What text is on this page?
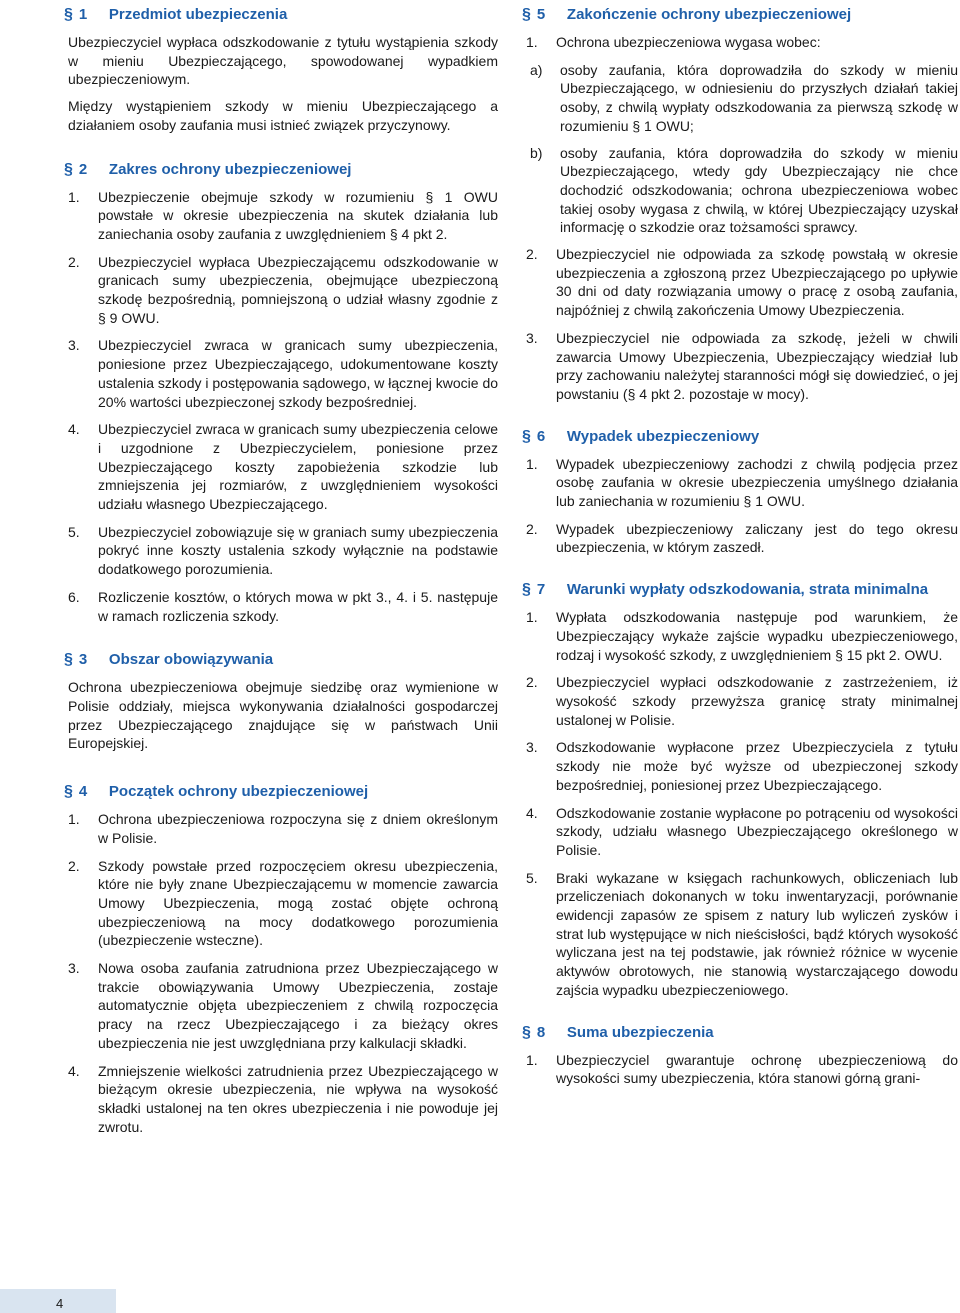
§ 1	Przedmiot ubezpieczenia
Ubezpieczyciel wypłaca odszkodowanie z tytułu wystąpienia szkody w mieniu Ubezpieczającego, spowodowanej wypadkiem ubezpieczeniowym.
Między wystąpieniem szkody w mieniu Ubezpieczającego a działaniem osoby zaufania musi istnieć związek przyczynowy.
§ 2	Zakres ochrony ubezpieczeniowej
1.	Ubezpieczenie obejmuje szkody w rozumieniu § 1 OWU powstałe w okresie ubezpieczenia na skutek działania lub zaniechania osoby zaufania z uwzględnieniem § 4 pkt 2.
2.	Ubezpieczyciel wypłaca Ubezpieczającemu odszkodowanie w granicach sumy ubezpieczenia, obejmujące ubezpieczoną szkodę bezpośrednią, pomniejszoną o udział własny zgodnie z § 9 OWU.
3.	Ubezpieczyciel zwraca w granicach sumy ubezpieczenia, poniesione przez Ubezpieczającego, udokumentowane koszty ustalenia szkody i postępowania sądowego, w łącznej kwocie do 20% wartości ubezpieczonej szkody bezpośredniej.
4.	Ubezpieczyciel zwraca w granicach sumy ubezpieczenia celowe i uzgodnione z Ubezpieczycielem, poniesione przez Ubezpieczającego koszty zapobieżenia szkodzie lub zmniejszenia jej rozmiarów, z uwzględnieniem wysokości udziału własnego Ubezpieczającego.
5.	Ubezpieczyciel zobowiązuje się w graniach sumy ubezpieczenia pokryć inne koszty ustalenia szkody wyłącznie na podstawie dodatkowego porozumienia.
6.	Rozliczenie kosztów, o których mowa w pkt 3., 4. i 5. następuje w ramach rozliczenia szkody.
§ 3	Obszar obowiązywania
Ochrona ubezpieczeniowa obejmuje siedzibę oraz wymienione w Polisie oddziały, miejsca wykonywania działalności gospodarczej przez Ubezpieczającego znajdujące się w państwach Unii Europejskiej.
§ 4	Początek ochrony ubezpieczeniowej
1.	Ochrona ubezpieczeniowa rozpoczyna się z dniem określonym w Polisie.
2.	Szkody powstałe przed rozpoczęciem okresu ubezpieczenia, które nie były znane Ubezpieczającemu w momencie zawarcia Umowy Ubezpieczenia, mogą zostać objęte ochroną ubezpieczeniową na mocy dodatkowego porozumienia (ubezpieczenie wsteczne).
3.	Nowa osoba zaufania zatrudniona przez Ubezpieczającego w trakcie obowiązywania Umowy Ubezpieczenia, zostaje automatycznie objęta ubezpieczeniem z chwilą rozpoczęcia pracy na rzecz Ubezpieczającego i za bieżący okres ubezpieczenia nie jest uwzględniana przy kalkulacji składki.
4.	Zmniejszenie wielkości zatrudnienia przez Ubezpieczającego w bieżącym okresie ubezpieczenia, nie wpływa na wysokość składki ustalonej na ten okres ubezpieczenia i nie powoduje jej zwrotu.
§ 5	Zakończenie ochrony ubezpieczeniowej
1.	Ochrona ubezpieczeniowa wygasa wobec:
a)	osoby zaufania, która doprowadziła do szkody w mieniu Ubezpieczającego, w odniesieniu do przyszłych działań takiej osoby, z chwilą wypłaty odszkodowania za pierwszą szkodę w rozumieniu § 1 OWU;
b)	osoby zaufania, która doprowadziła do szkody w mieniu Ubezpieczającego, wtedy gdy Ubezpieczający nie chce dochodzić odszkodowania; ochrona ubezpieczeniowa wobec takiej osoby wygasa z chwilą, w której Ubezpieczający uzyskał informację o szkodzie oraz tożsamości sprawcy.
2.	Ubezpieczyciel nie odpowiada za szkodę powstałą w okresie ubezpieczenia a zgłoszoną przez Ubezpieczającego po upływie 30 dni od daty rozwiązania umowy o pracę z osobą zaufania, najpóźniej z chwilą zakończenia Umowy Ubezpieczenia.
3.	Ubezpieczyciel nie odpowiada za szkodę, jeżeli w chwili zawarcia Umowy Ubezpieczenia, Ubezpieczający wiedział lub przy zachowaniu należytej staranności mógł się dowiedzieć, o jej powstaniu (§ 4 pkt 2. pozostaje w mocy).
§ 6	Wypadek ubezpieczeniowy
1.	Wypadek ubezpieczeniowy zachodzi z chwilą podjęcia przez osobę zaufania w okresie ubezpieczenia umyślnego działania lub zaniechania w rozumieniu § 1 OWU.
2.	Wypadek ubezpieczeniowy zaliczany jest do tego okresu ubezpieczenia, w którym zaszedł.
§ 7	Warunki wypłaty odszkodowania, strata minimalna
1.	Wypłata odszkodowania następuje pod warunkiem, że Ubezpieczający wykaże zajście wypadku ubezpieczeniowego, rodzaj i wysokość szkody, z uwzględnieniem § 15 pkt 2. OWU.
2.	Ubezpieczyciel wypłaci odszkodowanie z zastrzeżeniem, iż wysokość szkody przewyższa granicę straty minimalnej ustalonej w Polisie.
3.	Odszkodowanie wypłacone przez Ubezpieczyciela z tytułu szkody nie może być wyższe od ubezpieczonej szkody bezpośredniej, poniesionej przez Ubezpieczającego.
4.	Odszkodowanie zostanie wypłacone po potrąceniu od wysokości szkody, udziału własnego Ubezpieczającego określonego w Polisie.
5.	Braki wykazane w księgach rachunkowych, obliczeniach lub przeliczeniach dokonanych w toku inwentaryzacji, porównanie ewidencji zapasów ze spisem z natury lub wyliczeń zysków i strat lub występujące w nich nieścisłości, bądź których wysokość wyliczana jest na tej podstawie, jak również różnice w wycenie aktywów obrotowych, nie stanowią wystarczającego dowodu zajścia wypadku ubezpieczeniowego.
§ 8	Suma ubezpieczenia
1.	Ubezpieczyciel gwarantuje ochronę ubezpieczeniową do wysokości sumy ubezpieczenia, która stanowi górną grani-
4
